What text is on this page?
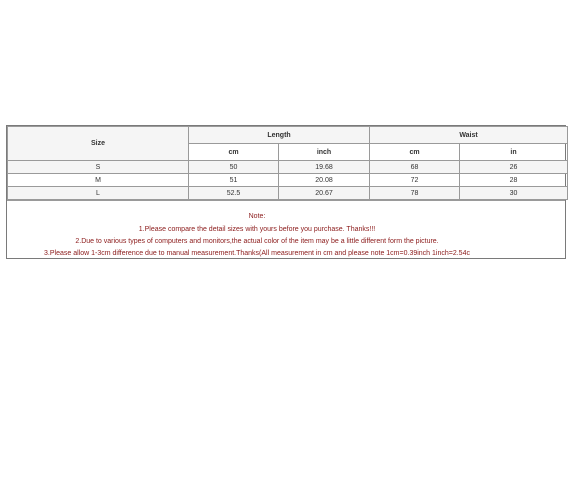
Size	Length		Waist	
	cm	inch	cm	in
S	50	19.68	68	26
M	51	20.08	72	28
L	52.5	20.67	78	30
Note:
1.Please compare the detail sizes with yours before you purchase. Thanks!!!
2.Due to various types of computers and monitors,the actual color of the item may be a little different form the picture.
3.Please allow 1-3cm difference due to manual measurement.Thanks(All measurement in cm and please note 1cm=0.39inch 1inch=2.54c
